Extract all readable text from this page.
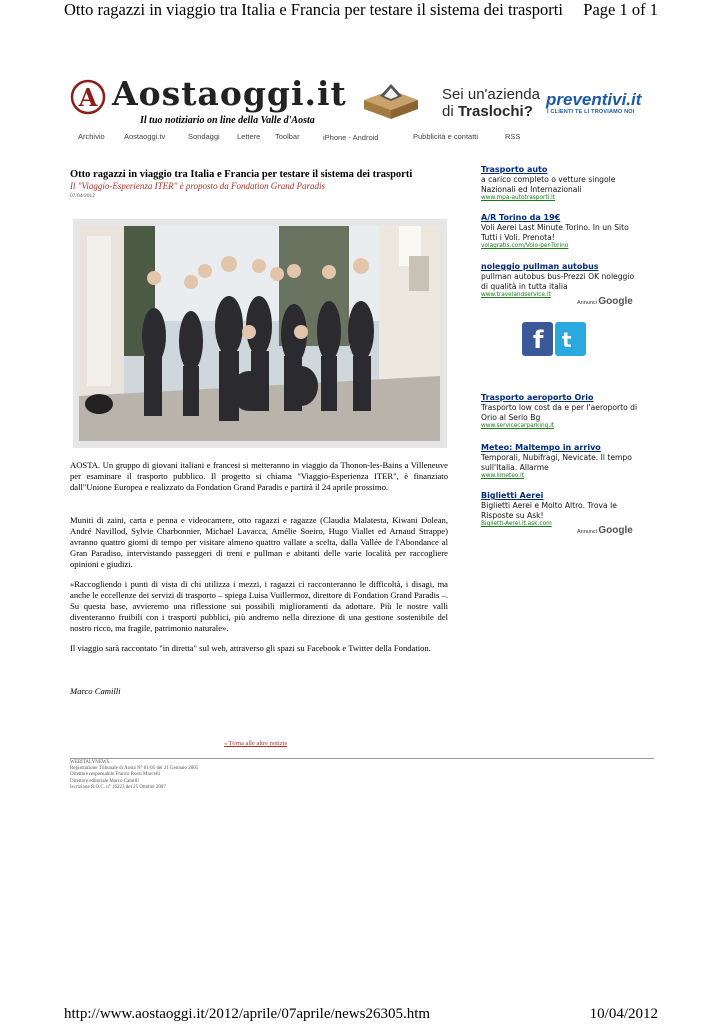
Otto ragazzi in viaggio tra Italia e Francia per testare il sistema dei trasporti Page 1 of 1
http://www.aostaoggi.it/2012/aprile/07aprile/news26305.htm	10/04/2012
A Aostaoggi.it
Il tuo notiziario on line della Valle d'Aosta
Sei un'azienda
di Traslochi?
preventivi.it
I CLIENTI TE LI TROVIAMO NOI
Archivio	Aostaoggi.tv	Sondaggi Lettere Toolbar	iPhone - Android	Pubblicità e contatti	RSS
Otto ragazzi in viaggio tra Italia e Francia per testare il sistema dei trasporti
Il "Viaggio-Esperienza ITER" è proposto da Fondation Grand Paradis
07/04/2012
AOSTA. Un gruppo di giovani italiani e francesi si metteranno in viaggio da Thonon-les-Bains a Villeneuve per esaminare il trasporto pubblico. Il progetto si chiama "Viaggio-Esperienza ITER", è finanziato dall"Unione Europea e realizzato da Fondation Grand Paradis e partirà il 24 aprile prossimo.
Muniti di zaini, carta e penna e videocamere, otto ragazzi e ragazze (Claudia Malatesta, Kiwani Dolean, André Navillod, Sylvie Charbonnier, Michael Lavacca, Amélie Soeiro, Hugo Viallet ed Arnaud Strappe) avranno quattro giorni di tempo per visitare almeno quattro vallate a scelta, dalla Vallée de l'Abondance al Gran Paradiso, intervistando passeggeri di treni e pullman e abitanti delle varie località per raccogliere opinioni e giudizi.
«Raccogliendo i punti di vista di chi utilizza i mezzi, i ragazzi ci racconteranno le difficoltà, i disagi, ma anche le eccellenze dei servizi di trasporto – spiega Luisa Vuillermoz, direttore di Fondation Grand Paradis –. Su questa base, avvieremo una riflessione sui possibili miglioramenti da adottare. Più le nostre valli diventeranno fruibili con i trasporti pubblici, più andremo nella direzione di una gestione sostenibile del nostro ricco, ma fragile, patrimonio naturale».
Il viaggio sarà raccontato "in diretta" sul web, attraverso gli spazi su Facebook e Twitter della Fondation.
Marco Camilli
« Torna alle altre notizie
WEBITALYNEWS
Registrazione Tribunale di Aosta N° 01/05 del 21 Gennaio 2005
Direttore responsabile Franco Rossi Marcelli
Direttore editoriale Marco Camilli
Iscrizione R.O.C. n° 16223 del 25 Ottobre 2007
Trasporto auto
a carico completo o vetture singole Nazionali ed Internazionali
www.mpa-autotrasporti.it
A/R Torino da 19€
Voli Aerei Last Minute Torino. In un Sito Tutti i Voli. Prenota!
volagratis.com/Volo-per-Torino
noleggio pullman autobus
pullman autobus bus-Prezzi OK noleggio di qualità in tutta italia
www.travelandservice.it
Annunci Google
f t
Trasporto aeroporto Orio
Trasporto low cost da e per l'aeroporto di Orio al Serio Bg
www.servicecarparking.it
Meteo: Maltempo in arrivo
Temporali, Nubifragi, Nevicate. Il tempo sull'Italia. Allarme
www.ilmeteo.it
Biglietti Aerei
Biglietti Aerei e Molto Altro. Trova le Risposte su Ask!
Biglietti-Aerei.it.ask.com
Annunci Google
